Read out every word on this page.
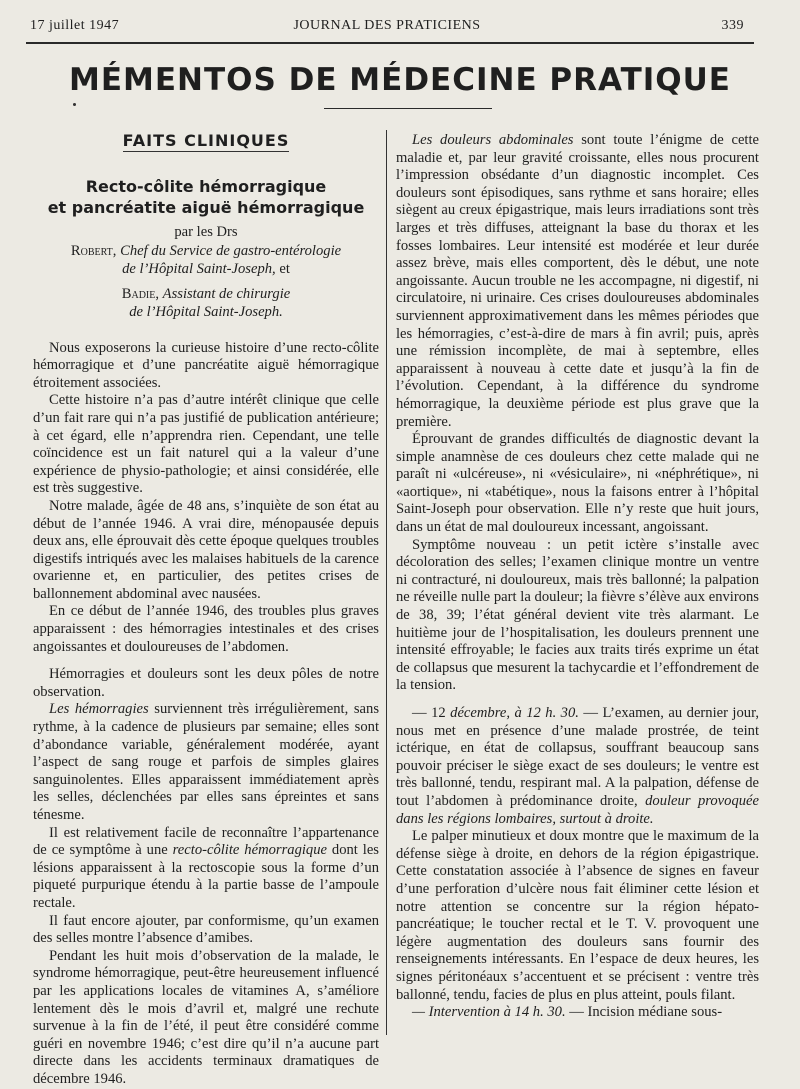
17 juillet 1947	JOURNAL DES PRATICIENS	339
MÉMENTOS DE MÉDECINE PRATIQUE
FAITS CLINIQUES
Recto-côlite hémorragique
et pancréatite aiguë hémorragique
par les Drs
Robert, Chef du Service de gastro-entérologie
de l’Hôpital Saint-Joseph, et
Badie, Assistant de chirurgie
de l’Hôpital Saint-Joseph.

Nous exposerons la curieuse histoire d’une recto-côlite hémorragique et d’une pancréatite aiguë hémorragique étroitement associées.

Cette histoire n’a pas d’autre intérêt clinique que celle d’un fait rare qui n’a pas justifié de publication antérieure; à cet égard, elle n’apprendra rien. Cependant, une telle coïncidence est un fait naturel qui a la valeur d’une expérience de physio-pathologie; et ainsi considérée, elle est très suggestive.

Notre malade, âgée de 48 ans, s’inquiète de son état au début de l’année 1946. A vrai dire, ménopausée depuis deux ans, elle éprouvait dès cette époque quelques troubles digestifs intriqués avec les malaises habituels de la carence ovarienne et, en particulier, des petites crises de ballonnement abdominal avec nausées.

En ce début de l’année 1946, des troubles plus graves apparaissent : des hémorragies intestinales et des crises angoissantes et douloureuses de l’abdomen.

Hémorragies et douleurs sont les deux pôles de notre observation.

Les hémorragies surviennent très irrégulièrement, sans rythme, à la cadence de plusieurs par semaine; elles sont d’abondance variable, généralement modérée, ayant l’aspect de sang rouge et parfois de simples glaires sanguinolentes. Elles apparaissent immédiatement après les selles, déclenchées par elles sans épreintes et sans ténesme.

Il est relativement facile de reconnaître l’appartenance de ce symptôme à une recto-côlite hémorragique dont les lésions apparaissent à la rectoscopie sous la forme d’un piqueté purpurique étendu à la partie basse de l’ampoule rectale.

Il faut encore ajouter, par conformisme, qu’un examen des selles montre l’absence d’amibes.

Pendant les huit mois d’observation de la malade, le syndrome hémorragique, peut-être heureusement influencé par les applications locales de vitamines A, s’améliore lentement dès le mois d’avril et, malgré une rechute survenue à la fin de l’été, il peut être considéré comme guéri en novembre 1946; c’est dire qu’il n’a aucune part directe dans les accidents terminaux dramatiques de décembre 1946.

Les douleurs abdominales sont toute l’énigme de cette maladie et, par leur gravité croissante, elles nous procurent l’impression obsédante d’un diagnostic incomplet. Ces douleurs sont épisodiques, sans rythme et sans horaire; elles siègent au creux épigastrique, mais leurs irradiations sont très larges et très diffuses, atteignant la base du thorax et les fosses lombaires. Leur intensité est modérée et leur durée assez brève, mais elles comportent, dès le début, une note angoissante. Aucun trouble ne les accompagne, ni digestif, ni circulatoire, ni urinaire. Ces crises douloureuses abdominales surviennent approximativement dans les mêmes périodes que les hémorragies, c’est-à-dire de mars à fin avril; puis, après une rémission incomplète, de mai à septembre, elles apparaissent à nouveau à cette date et jusqu’à la fin de l’évolution. Cependant, à la différence du syndrome hémorragique, la deuxième période est plus grave que la première.

Éprouvant de grandes difficultés de diagnostic devant la simple anamnèse de ces douleurs chez cette malade qui ne paraît ni «ulcéreuse», ni «vésiculaire», ni «néphrétique», ni «aortique», ni «tabétique», nous la faisons entrer à l’hôpital Saint-Joseph pour observation. Elle n’y reste que huit jours, dans un état de mal douloureux incessant, angoissant.

Symptôme nouveau : un petit ictère s’installe avec décoloration des selles; l’examen clinique montre un ventre ni contracturé, ni douloureux, mais très ballonné; la palpation ne réveille nulle part la douleur; la fièvre s’élève aux environs de 38, 39; l’état général devient vite très alarmant. Le huitième jour de l’hospitalisation, les douleurs prennent une intensité effroyable; le facies aux traits tirés exprime un état de collapsus que mesurent la tachycardie et l’effondrement de la tension.

— 12 décembre, à 12 h. 30. — L’examen, au dernier jour, nous met en présence d’une malade prostrée, de teint ictérique, en état de collapsus, souffrant beaucoup sans pouvoir préciser le siège exact de ses douleurs; le ventre est très ballonné, tendu, respirant mal. A la palpation, défense de tout l’abdomen à prédominance droite, douleur provoquée dans les régions lombaires, surtout à droite.

Le palper minutieux et doux montre que le maximum de la défense siège à droite, en dehors de la région épigastrique. Cette constatation associée à l’absence de signes en faveur d’une perforation d’ulcère nous fait éliminer cette lésion et notre attention se concentre sur la région hépato-pancréatique; le toucher rectal et le T. V. provoquent une légère augmentation des douleurs sans fournir des renseignements intéressants. En l’espace de deux heures, les signes péritonéaux s’accentuent et se précisent : ventre très ballonné, tendu, facies de plus en plus atteint, pouls filant.

— Intervention à 14 h. 30. — Incision médiane sous-
